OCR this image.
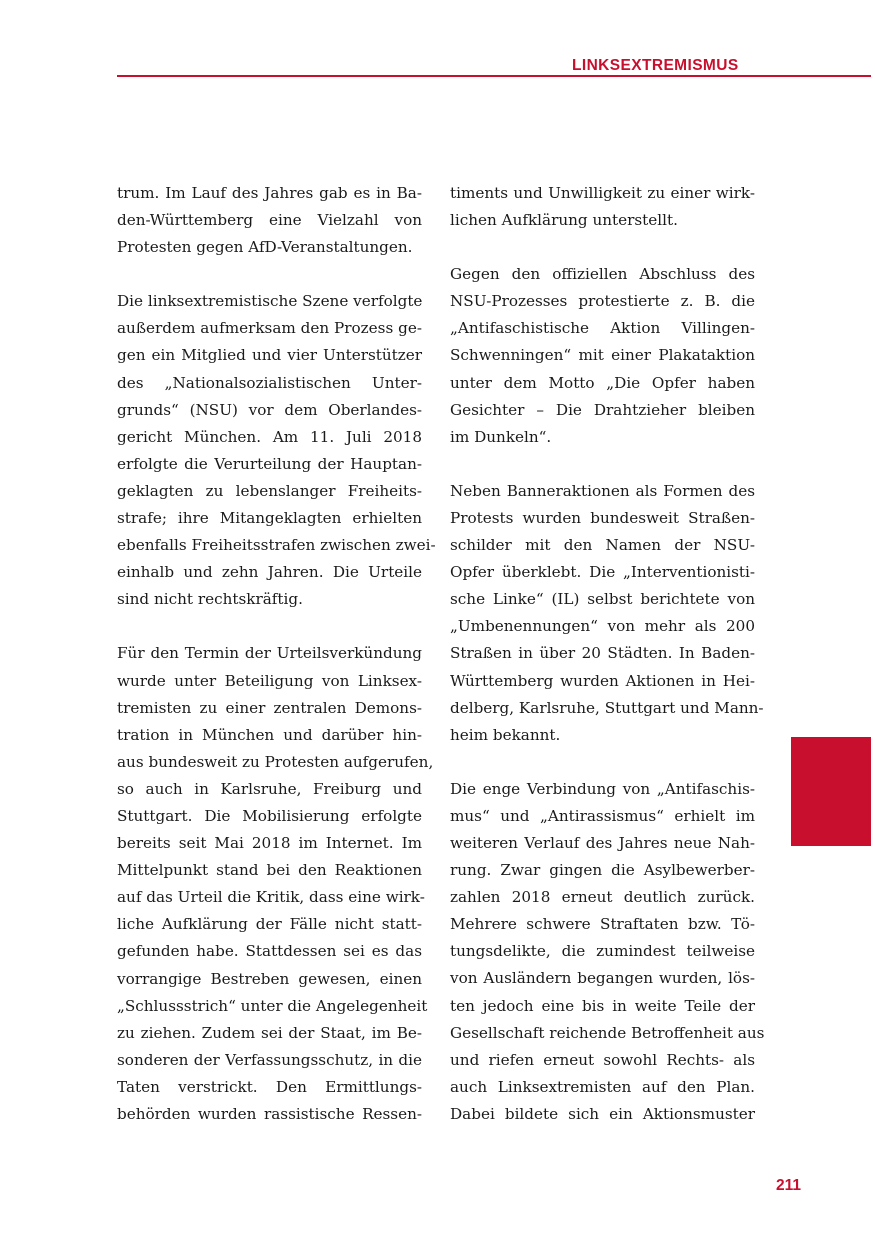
LINKSEXTREMISMUS
trum. Im Lauf des Jahres gab es in Ba-
den-Württemberg eine Vielzahl von
Protesten gegen AfD-Veranstaltungen.
Die linksextremistische Szene verfolgte
außerdem aufmerksam den Prozess ge-
gen ein Mitglied und vier Unterstützer
des „Nationalsozialistischen Unter-
grunds“ (NSU) vor dem Oberlandes-
gericht München. Am 11. Juli 2018
erfolgte die Verurteilung der Hauptan-
geklagten zu lebenslanger Freiheits-
strafe; ihre Mitangeklagten erhielten
ebenfalls Freiheitsstrafen zwischen zwei-
einhalb und zehn Jahren. Die Urteile
sind nicht rechtskräftig.
Für den Termin der Urteilsverkündung
wurde unter Beteiligung von Linksex-
tremisten zu einer zentralen Demons-
tration in München und darüber hin-
aus bundesweit zu Protesten aufgerufen,
so auch in Karlsruhe, Freiburg und
Stuttgart. Die Mobilisierung erfolgte
bereits seit Mai 2018 im Internet. Im
Mittelpunkt stand bei den Reaktionen
auf das Urteil die Kritik, dass eine wirk-
liche Aufklärung der Fälle nicht statt-
gefunden habe. Stattdessen sei es das
vorrangige Bestreben gewesen, einen
„Schlussstrich“ unter die Angelegenheit
zu ziehen. Zudem sei der Staat, im Be-
sonderen der Verfassungsschutz, in die
Taten verstrickt. Den Ermittlungs-
behörden wurden rassistische Ressen-
timents und Unwilligkeit zu einer wirk-
lichen Aufklärung unterstellt.
Gegen den offiziellen Abschluss des
NSU-Prozesses protestierte z. B. die
„Antifaschistische Aktion Villingen-
Schwenningen“ mit einer Plakataktion
unter dem Motto „Die Opfer haben
Gesichter – Die Drahtzieher bleiben
im Dunkeln“.
Neben Banneraktionen als Formen des
Protests wurden bundesweit Straßen-
schilder mit den Namen der NSU-
Opfer überklebt. Die „Interventionisti-
sche Linke“ (IL) selbst berichtete von
„Umbenennungen“ von mehr als 200
Straßen in über 20 Städten. In Baden-
Württemberg wurden Aktionen in Hei-
delberg, Karlsruhe, Stuttgart und Mann-
heim bekannt.
Die enge Verbindung von „Antifaschis-
mus“ und „Antirassismus“ erhielt im
weiteren Verlauf des Jahres neue Nah-
rung. Zwar gingen die Asylbewerber-
zahlen 2018 erneut deutlich zurück.
Mehrere schwere Straftaten bzw. Tö-
tungsdelikte, die zumindest teilweise
von Ausländern begangen wurden, lös-
ten jedoch eine bis in weite Teile der
Gesellschaft reichende Betroffenheit aus
und riefen erneut sowohl Rechts- als
auch Linksextremisten auf den Plan.
Dabei bildete sich ein Aktionsmuster
211
